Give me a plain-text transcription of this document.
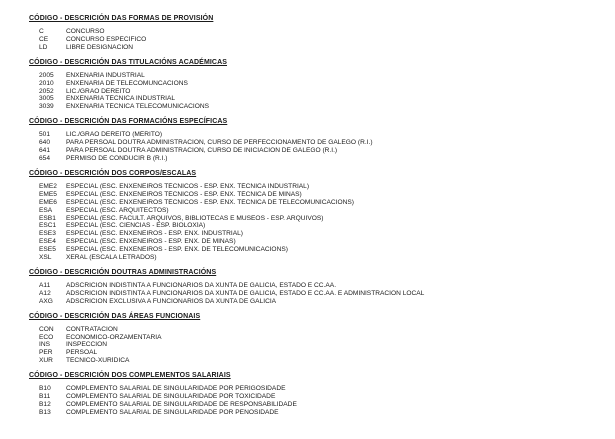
CÓDIGO - DESCRICIÓN DAS FORMAS DE PROVISIÓN
C	CONCURSO
CE	CONCURSO ESPECÍFICO
LD	LIBRE DESIGNACIÓN
CÓDIGO - DESCRICIÓN DAS TITULACIÓNS ACADÉMICAS
2005	ENXEÑARÍA INDUSTRIAL
2010	ENXEÑARÍA DE TELECOMUNCACIÓNS
2052	LIC./GRAO DEREITO
3005	ENXEÑARÍA TÉCNICA INDUSTRIAL
3039	ENXEÑARÍA TÉCNICA TELECOMUNICACIÓNS
CÓDIGO - DESCRICIÓN DAS FORMACIÓNS ESPECÍFICAS
501	LIC./GRAO DEREITO (MÉRITO)
640	PARA PERSOAL DOUTRA ADMINISTRACIÓN, CURSO DE PERFECCIONAMENTO DE GALEGO (R.I.)
641	PARA PERSOAL DOUTRA ADMINISTRACIÓN, CURSO DE INICIACIÓN DE GALEGO (R.I.)
654	PERMISO DE CONDUCIR B (R.I.)
CÓDIGO - DESCRICIÓN DOS CORPOS/ESCALAS
EME2	ESPECIAL (ESC. ENXEÑEIROS TÉCNICOS - ESP. ENX. TÉCNICA INDUSTRIAL)
EME5	ESPECIAL (ESC. ENXEÑEIROS TÉCNICOS - ESP. ENX. TÉCNICA DE MINAS)
EME6	ESPECIAL (ESC. ENXEÑEIROS TÉCNICOS - ESP. ENX. TÉCNICA DE TELECOMUNICACIÓNS)
ESA	ESPECIAL (ESC. ARQUITECTOS)
ESB1	ESPECIAL (ESC. FACULT. ARQUIVOS, BIBLIOTECAS E MUSEOS - ESP. ARQUIVOS)
ESC1	ESPECIAL (ESC. CIENCIAS - ESP. BIOLOXÍA)
ESE3	ESPECIAL (ESC. ENXEÑEIROS - ESP. ENX. INDUSTRIAL)
ESE4	ESPECIAL (ESC. ENXEÑEIROS - ESP. ENX. DE MINAS)
ESE5	ESPECIAL (ESC. ENXEÑEIROS - ESP. ENX. DE TELECOMUNICACIÓNS)
XSL	XERAL (ESCALA LETRADOS)
CÓDIGO - DESCRICIÓN DOUTRAS ADMINISTRACIÓNS
A11	ADSCRICIÓN INDISTINTA A FUNCIONARIOS DA XUNTA DE GALICIA, ESTADO E CC.AA.
A12	ADSCRICIÓN INDISTINTA A FUNCIONARIOS DA XUNTA DE GALICIA, ESTADO E CC.AA. E ADMINISTRACIÓN LOCAL
AXG	ADSCRICIÓN EXCLUSIVA A FUNCIONARIOS DA XUNTA DE GALICIA
CÓDIGO - DESCRICIÓN DAS ÁREAS FUNCIONAIS
CON	CONTRATACIÓN
ECO	ECONÓMICO-ORZAMENTARIA
INS	INSPECCIÓN
PER	PERSOAL
XUR	TÉCNICO-XURÍDICA
CÓDIGO - DESCRICIÓN DOS COMPLEMENTOS SALARIAIS
B10	COMPLEMENTO SALARIAL DE SINGULARIDADE POR PERIGOSIDADE
B11	COMPLEMENTO SALARIAL DE SINGULARIDADE POR TOXICIDADE
B12	COMPLEMENTO SALARIAL DE SINGULARIDADE DE RESPONSABILIDADE
B13	COMPLEMENTO SALARIAL DE SINGULARIDADE POR PENOSIDADE
